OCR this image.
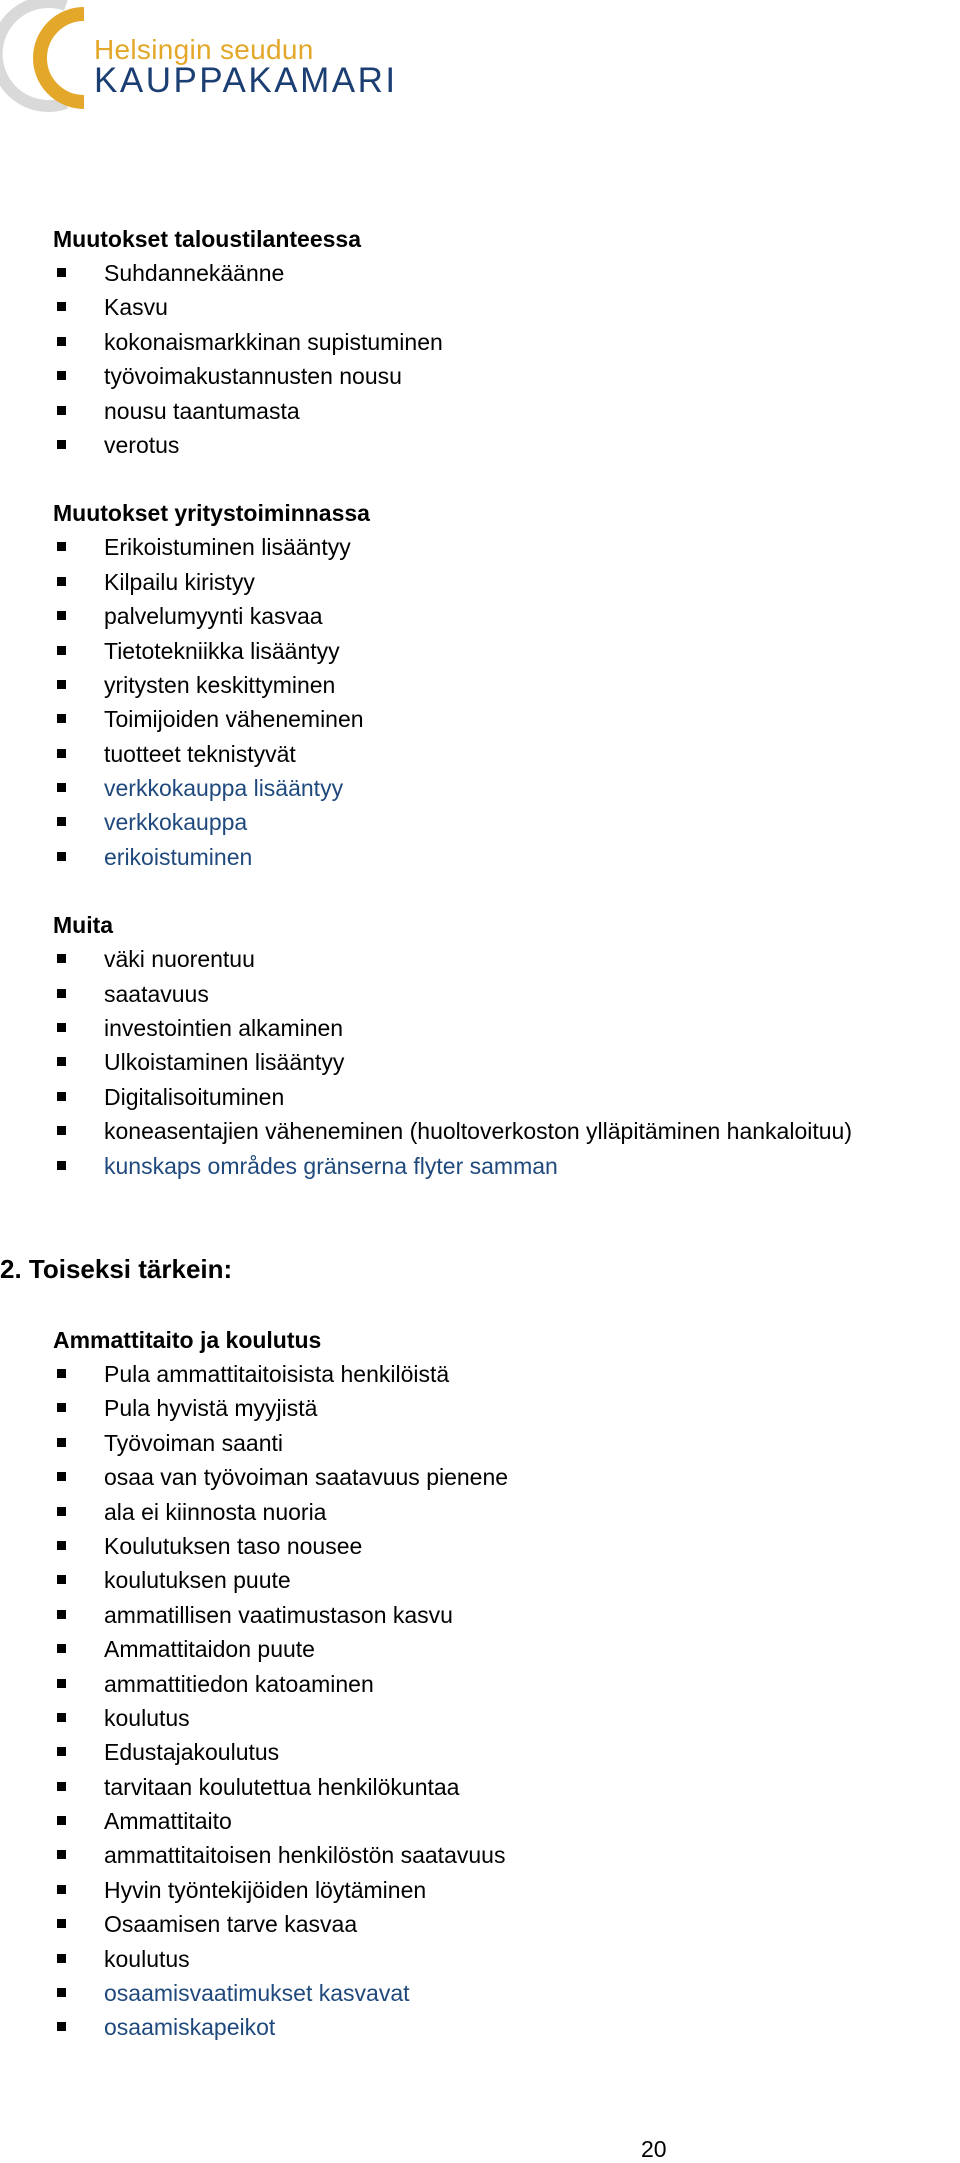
Helsingin seudun
KAUPPAKAMARI

Muutokset taloustilanteessa

Suhdannekäänne
Kasvu
kokonaismarkkinan supistuminen
työvoimakustannusten nousu
nousu taantumasta
verotus

Muutokset yritystoiminnassa

Erikoistuminen lisääntyy
Kilpailu kiristyy
palvelumyynti kasvaa
Tietotekniikka lisääntyy
yritysten keskittyminen
Toimijoiden väheneminen
tuotteet teknistyvät
verkkokauppa lisääntyy
verkkokauppa
erikoistuminen

Muita

väki nuorentuu
saatavuus
investointien alkaminen
Ulkoistaminen lisääntyy
Digitalisoituminen
koneasentajien väheneminen (huoltoverkoston ylläpitäminen hankaloituu)
kunskaps områdes gränserna flyter samman
2. Toiseksi tärkein:

Ammattitaito ja koulutus

Pula ammattitaitoisista henkilöistä
Pula hyvistä myyjistä
Työvoiman saanti
osaa van työvoiman saatavuus pienene
ala ei kiinnosta nuoria
Koulutuksen taso nousee
koulutuksen puute
ammatillisen vaatimustason kasvu
Ammattitaidon puute
ammattitiedon katoaminen
koulutus
Edustajakoulutus
tarvitaan koulutettua henkilökuntaa
Ammattitaito
ammattitaitoisen henkilöstön saatavuus
Hyvin työntekijöiden löytäminen
Osaamisen tarve kasvaa
koulutus
osaamisvaatimukset kasvavat
osaamiskapeikot
20
